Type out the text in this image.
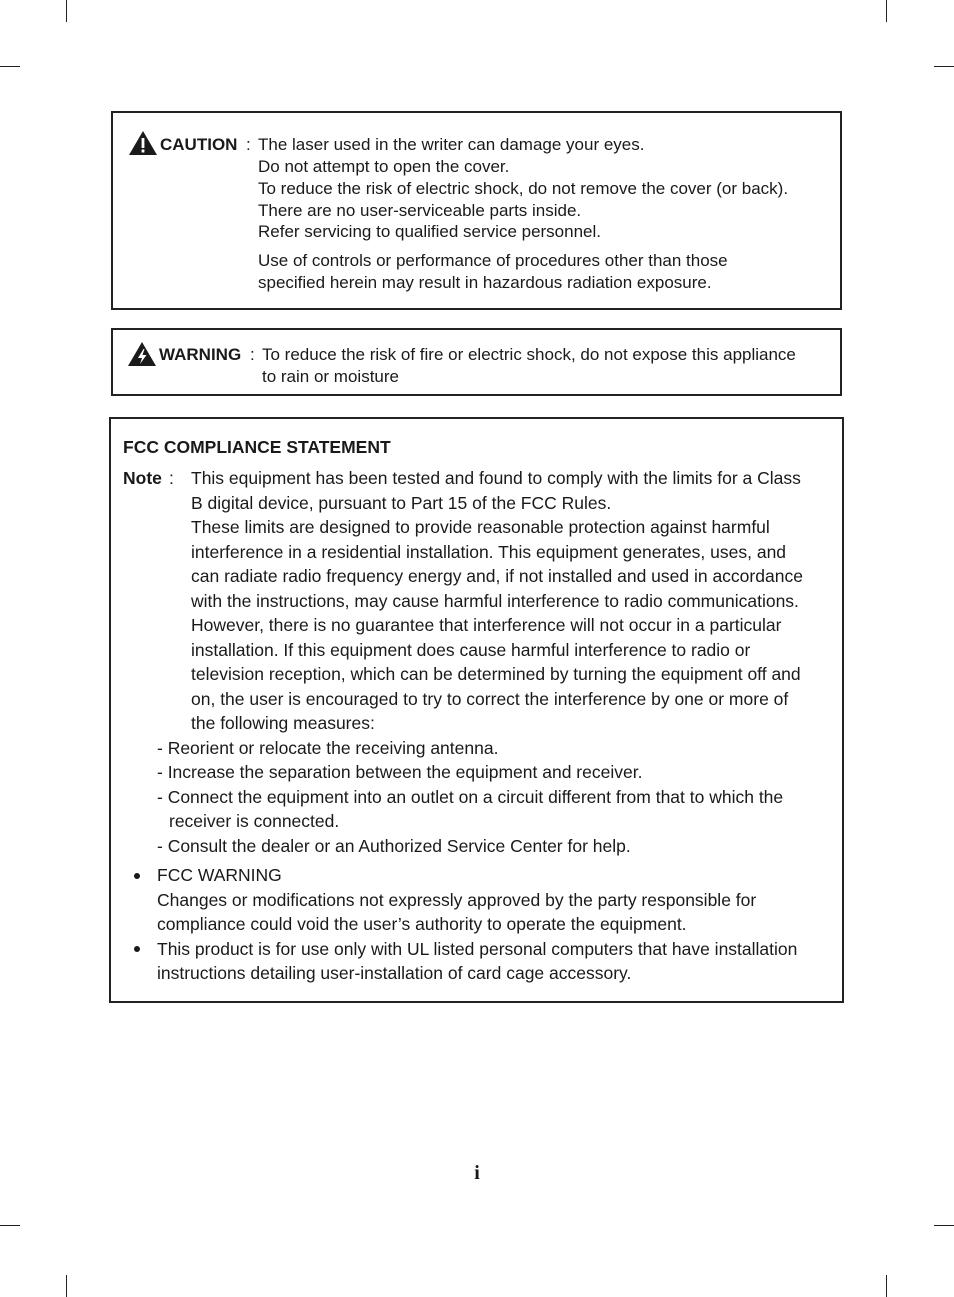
CAUTION : The laser used in the writer can damage your eyes.
Do not attempt to open the cover.
To reduce the risk of electric shock, do not remove the cover (or back).
There are no user-serviceable parts inside.
Refer servicing to qualified service personnel.
Use of controls or performance of procedures other than those
specified herein may result in hazardous radiation exposure.
WARNING : To reduce the risk of fire or electric shock, do not expose this appliance
to rain or moisture
FCC COMPLIANCE STATEMENT
Note : This equipment has been tested and found to comply with the limits for a Class
B digital device, pursuant to Part 15 of the FCC Rules.
These limits are designed to provide reasonable protection against harmful
interference in a residential installation. This equipment generates, uses, and
can radiate radio frequency energy and, if not installed and used in accordance
with the instructions, may cause harmful interference to radio communications.
However, there is no guarantee that interference will not occur in a particular
installation. If this equipment does cause harmful interference to radio or
television reception, which can be determined by turning the equipment off and
on, the user is encouraged to try to correct the interference by one or more of
the following measures:
- Reorient or relocate the receiving antenna.
- Increase the separation between the equipment and receiver.
- Connect the equipment into an outlet on a circuit different from that to which the
receiver is connected.
- Consult the dealer or an Authorized Service Center for help.
FCC WARNING
Changes or modifications not expressly approved by the party responsible for
compliance could void the user’s authority to operate the equipment.
This product is for use only with UL listed personal computers that have installation
instructions detailing user-installation of card cage accessory.
i
